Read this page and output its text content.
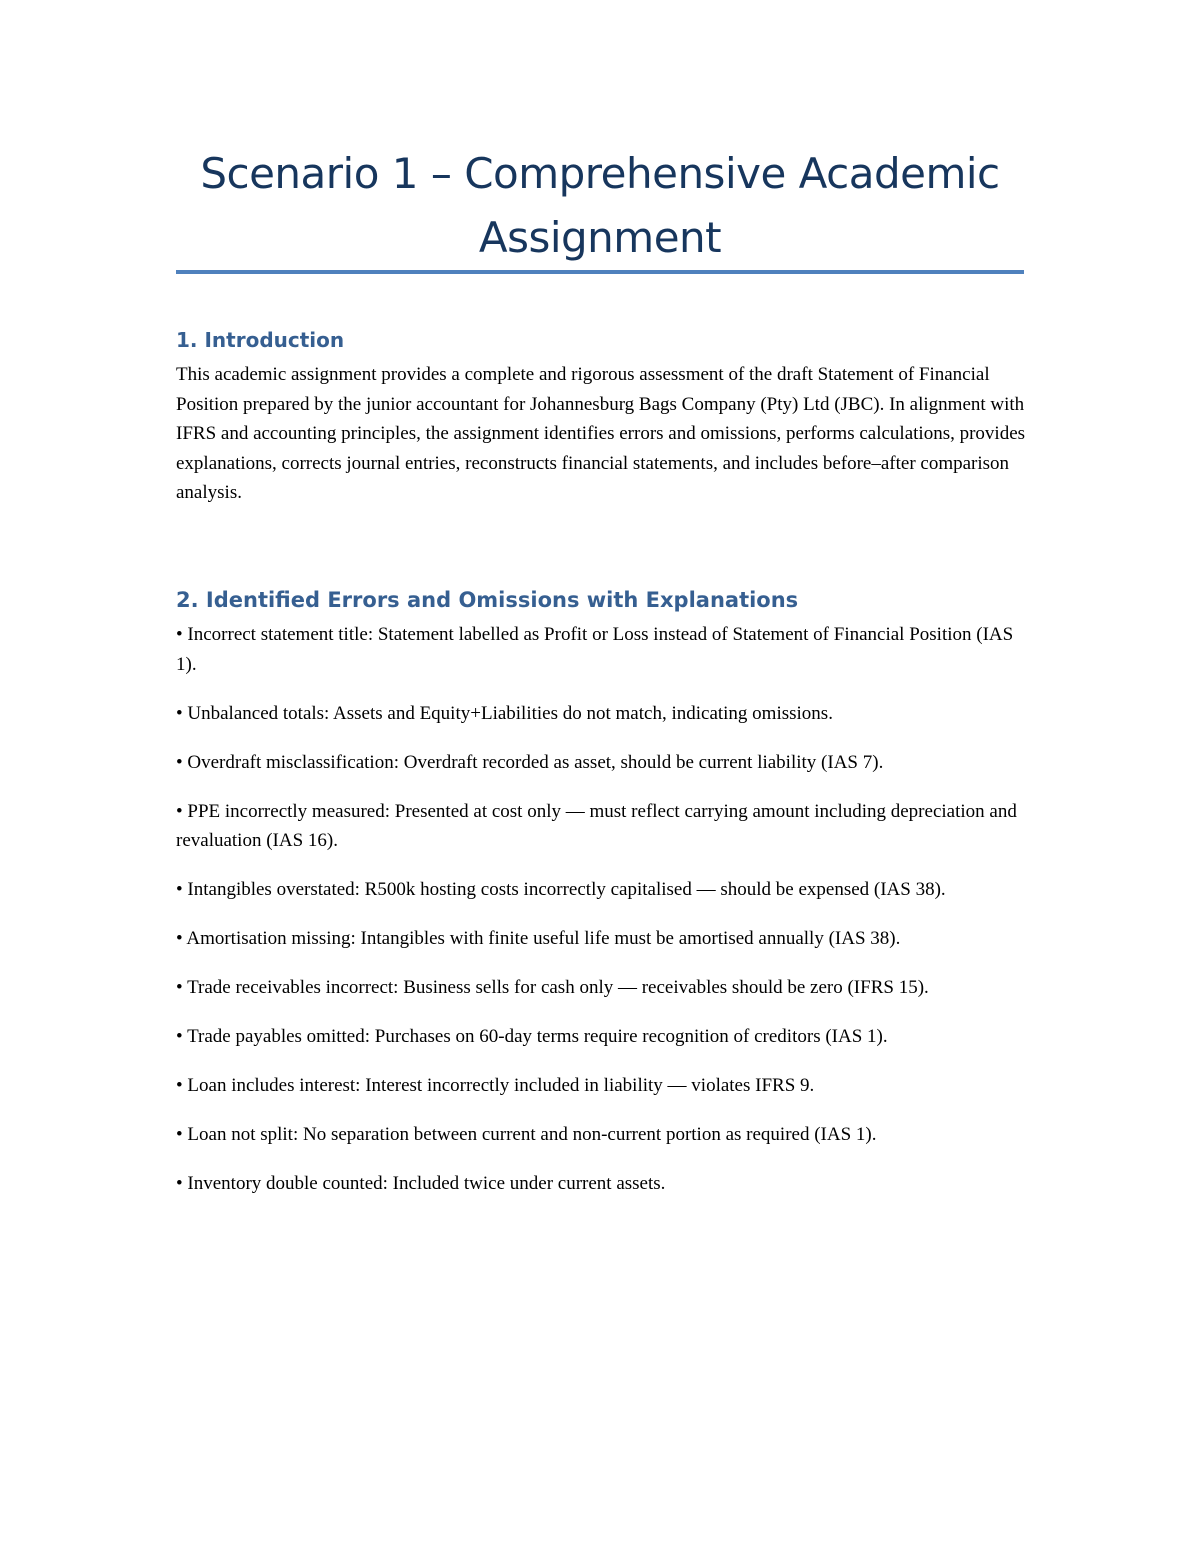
Scenario 1 – Comprehensive Academic
Assignment
1. Introduction

This academic assignment provides a complete and rigorous assessment of the draft Statement of Financial Position prepared by the junior accountant for Johannesburg Bags Company (Pty) Ltd (JBC). In alignment with IFRS and accounting principles, the assignment identifies errors and omissions, performs calculations, provides explanations, corrects journal entries, reconstructs financial statements, and includes before–after comparison analysis.

2. Identified Errors and Omissions with Explanations
• Incorrect statement title: Statement labelled as Profit or Loss instead of Statement of Financial Position (IAS 1).
• Unbalanced totals: Assets and Equity+Liabilities do not match, indicating omissions.
• Overdraft misclassification: Overdraft recorded as asset, should be current liability (IAS 7).
• PPE incorrectly measured: Presented at cost only — must reflect carrying amount including depreciation and revaluation (IAS 16).
• Intangibles overstated: R500k hosting costs incorrectly capitalised — should be expensed (IAS 38).
• Amortisation missing: Intangibles with finite useful life must be amortised annually (IAS 38).
• Trade receivables incorrect: Business sells for cash only — receivables should be zero (IFRS 15).
• Trade payables omitted: Purchases on 60-day terms require recognition of creditors (IAS 1).
• Loan includes interest: Interest incorrectly included in liability — violates IFRS 9.
• Loan not split: No separation between current and non-current portion as required (IAS 1).
• Inventory double counted: Included twice under current assets.
